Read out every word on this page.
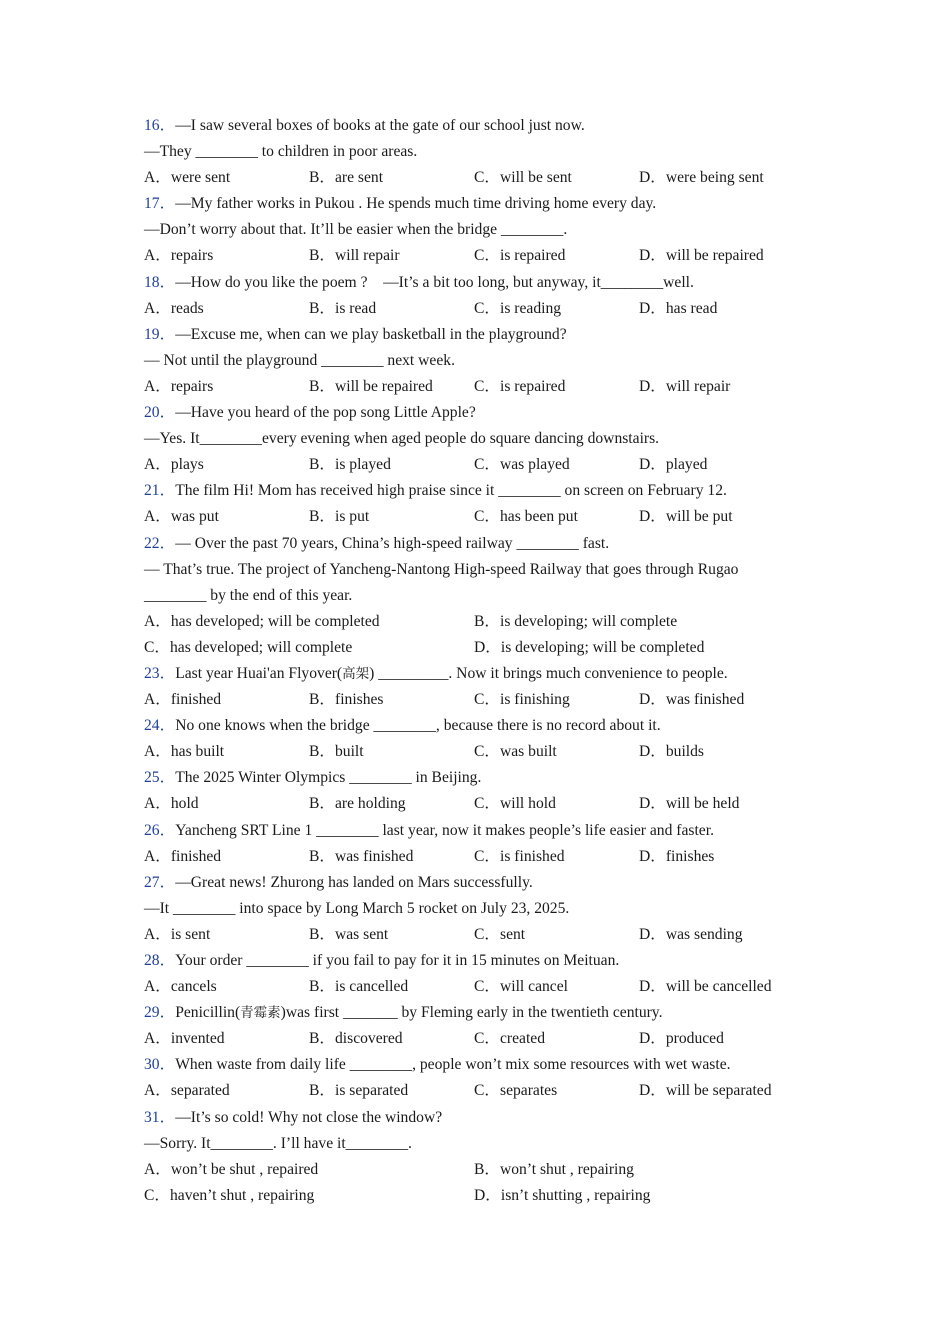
16．—I saw several boxes of books at the gate of our school just now.
—They ________ to children in poor areas.
A．were sent	B．are sent	C．will be sent	D．were being sent
17．—My father works in Pukou . He spends much time driving home every day.
—Don’t worry about that. It’ll be easier when the bridge ________.
A．repairs	B．will repair	C．is repaired	D．will be repaired
18．—How do you like the poem ?    —It’s a bit too long, but anyway, it________well.
A．reads	B．is read	C．is reading	D．has read
19．—Excuse me, when can we play basketball in the playground?
— Not until the playground ________ next week.
A．repairs	B．will be repaired	C．is repaired	D．will repair
20．—Have you heard of the pop song Little Apple?
—Yes. It________every evening when aged people do square dancing downstairs.
A．plays	B．is played	C．was played	D．played
21．The film Hi! Mom has received high praise since it ________ on screen on February 12.
A．was put	B．is put	C．has been put	D．will be put
22．— Over the past 70 years, China’s high-speed railway ________ fast.
— That’s true. The project of Yancheng-Nantong High-speed Railway that goes through Rugao
________ by the end of this year.
A．has developed; will be completed	B．is developing; will complete
C．has developed; will complete	D．is developing; will be completed
23．Last year Huai'an Flyover(高架) _________. Now it brings much convenience to people.
A．finished	B．finishes	C．is finishing	D．was finished
24．No one knows when the bridge ________, because there is no record about it.
A．has built	B．built	C．was built	D．builds
25．The 2025 Winter Olympics ________ in Beijing.
A．hold	B．are holding	C．will hold	D．will be held
26．Yancheng SRT Line 1 ________ last year, now it makes people’s life easier and faster.
A．finished	B．was finished	C．is finished	D．finishes
27．—Great news! Zhurong has landed on Mars successfully.
—It ________ into space by Long March 5 rocket on July 23, 2025.
A．is sent	B．was sent	C．sent	D．was sending
28．Your order ________ if you fail to pay for it in 15 minutes on Meituan.
A．cancels	B．is cancelled	C．will cancel	D．will be cancelled
29．Penicillin(青霉素)was first _______ by Fleming early in the twentieth century.
A．invented	B．discovered	C．created	D．produced
30．When waste from daily life ________, people won’t mix some resources with wet waste.
A．separated	B．is separated	C．separates	D．will be separated
31．—It’s so cold! Why not close the window?
—Sorry. It________. I’ll have it________.
A．won’t be shut , repaired	B．won’t shut , repairing
C．haven’t shut , repairing	D．isn’t shutting , repairing
